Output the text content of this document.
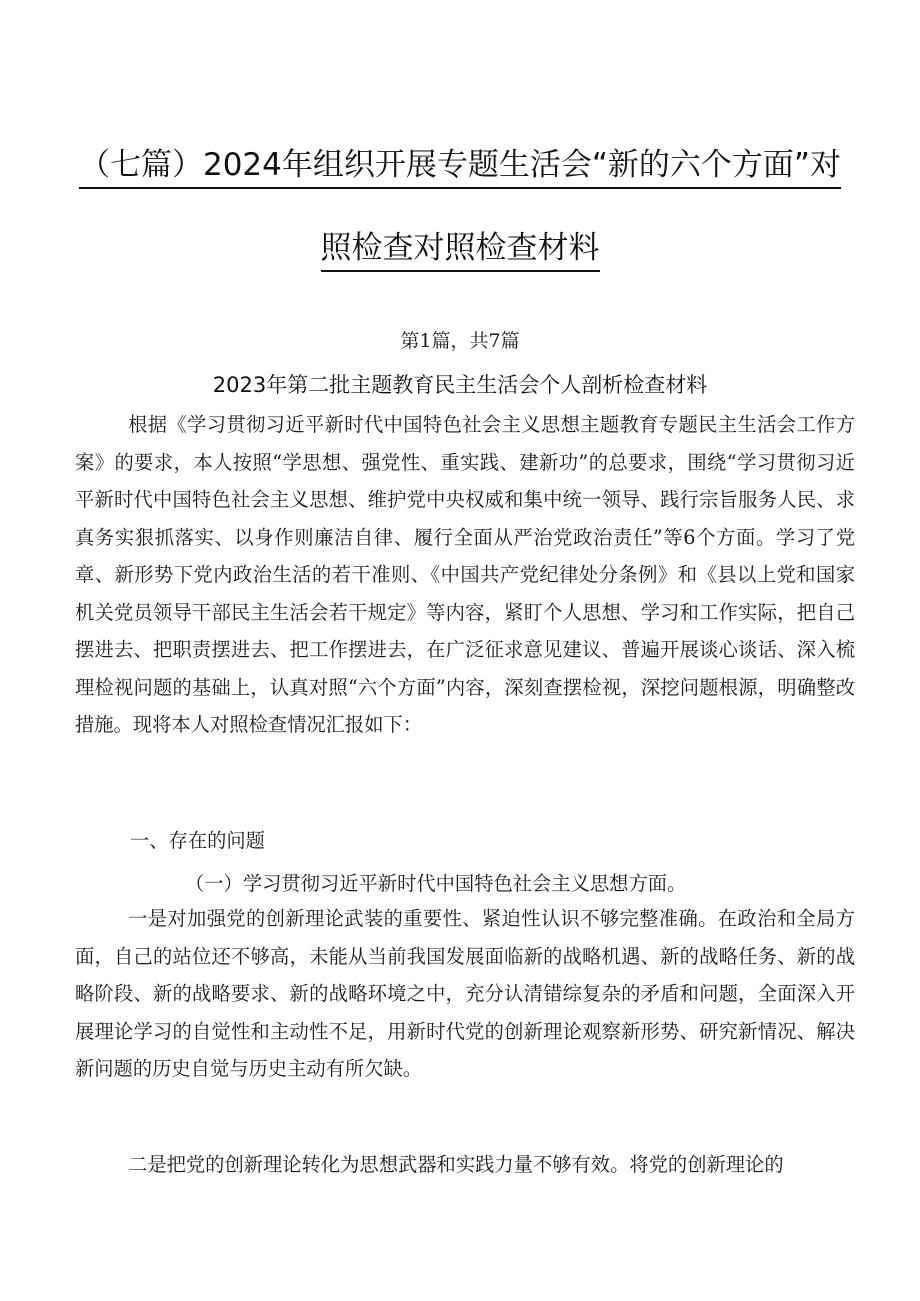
（七篇）2024年组织开展专题生活会“新的六个方面”对
照检查对照检查材料
第1篇，共7篇
2023年第二批主题教育民主生活会个人剖析检查材料

根据《学习贯彻习近平新时代中国特色社会主义思想主题教育专题民主生活会工作方案》的要求，本人按照“学思想、强党性、重实践、建新功”的总要求，围绕“学习贯彻习近平新时代中国特色社会主义思想、维护党中央权威和集中统一领导、践行宗旨服务人民、求真务实狠抓落实、以身作则廉洁自律、履行全面从严治党政治责任”等6个方面。学习了党章、新形势下党内政治生活的若干准则、《中国共产党纪律处分条例》和《县以上党和国家机关党员领导干部民主生活会若干规定》等内容，紧盯个人思想、学习和工作实际，把自己摆进去、把职责摆进去、把工作摆进去，在广泛征求意见建议、普遍开展谈心谈话、深入梳理检视问题的基础上，认真对照“六个方面”内容，深刻查摆检视，深挖问题根源，明确整改措施。现将本人对照检查情况汇报如下：

一、存在的问题
（一）学习贯彻习近平新时代中国特色社会主义思想方面。

一是对加强党的创新理论武装的重要性、紧迫性认识不够完整准确。在政治和全局方面，自己的站位还不够高，未能从当前我国发展面临新的战略机遇、新的战略任务、新的战略阶段、新的战略要求、新的战略环境之中，充分认清错综复杂的矛盾和问题，全面深入开展理论学习的自觉性和主动性不足，用新时代党的创新理论观察新形势、研究新情况、解决新问题的历史自觉与历史主动有所欠缺。

二是把党的创新理论转化为思想武器和实践力量不够有效。将党的创新理论的
